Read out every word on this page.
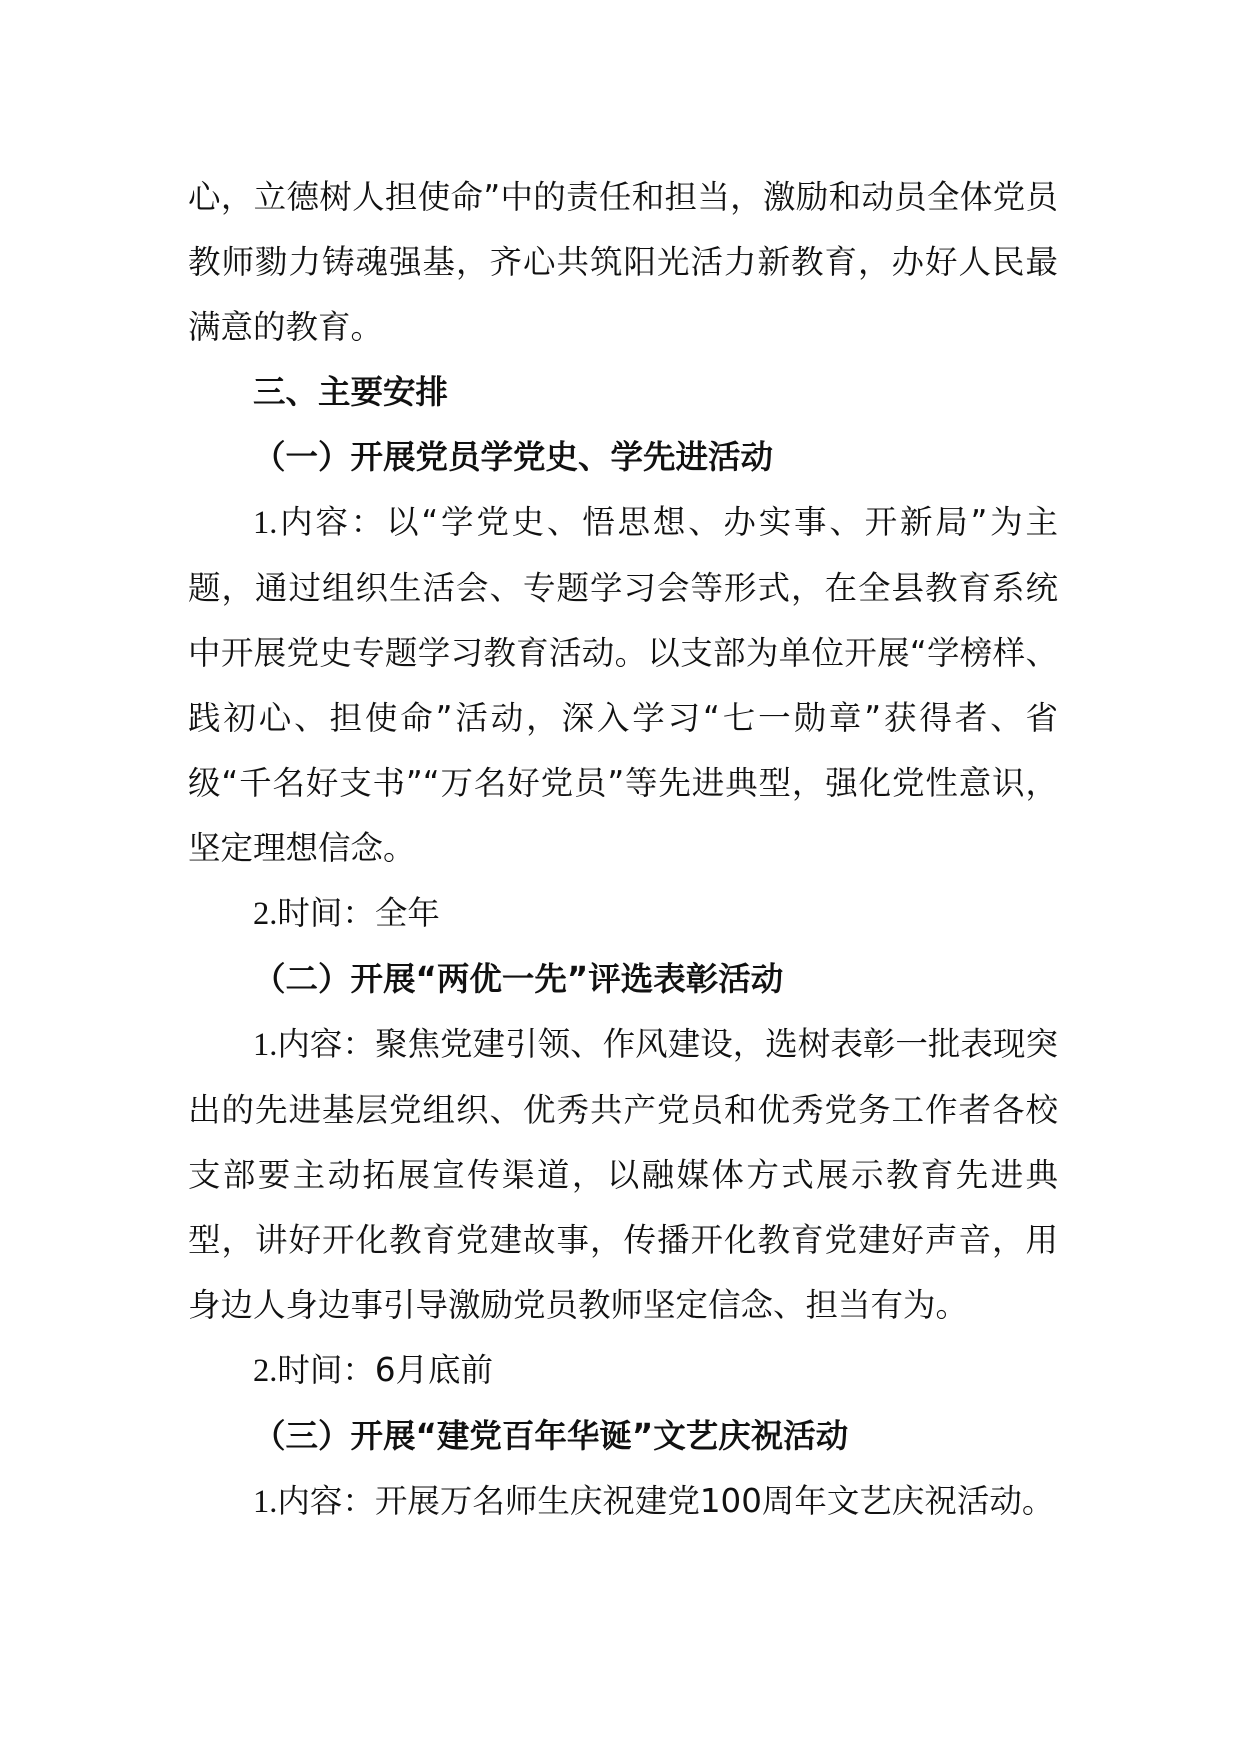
心，立德树人担使命”中的责任和担当，激励和动员全体党员教师勠力铸魂强基，齐心共筑阳光活力新教育，办好人民最满意的教育。

三、主要安排

（一）开展党员学党史、学先进活动

1.内容：以“学党史、悟思想、办实事、开新局”为主题，通过组织生活会、专题学习会等形式，在全县教育系统中开展党史专题学习教育活动。以支部为单位开展“学榜样、践初心、担使命”活动，深入学习“七一勋章”获得者、省级“千名好支书”“万名好党员”等先进典型，强化党性意识，坚定理想信念。

2.时间：全年

（二）开展“两优一先”评选表彰活动

1.内容：聚焦党建引领、作风建设，选树表彰一批表现突出的先进基层党组织、优秀共产党员和优秀党务工作者各校支部要主动拓展宣传渠道，以融媒体方式展示教育先进典型，讲好开化教育党建故事，传播开化教育党建好声音，用身边人身边事引导激励党员教师坚定信念、担当有为。

2.时间：6月底前

（三）开展“建党百年华诞”文艺庆祝活动

1.内容：开展万名师生庆祝建党100周年文艺庆祝活动。
